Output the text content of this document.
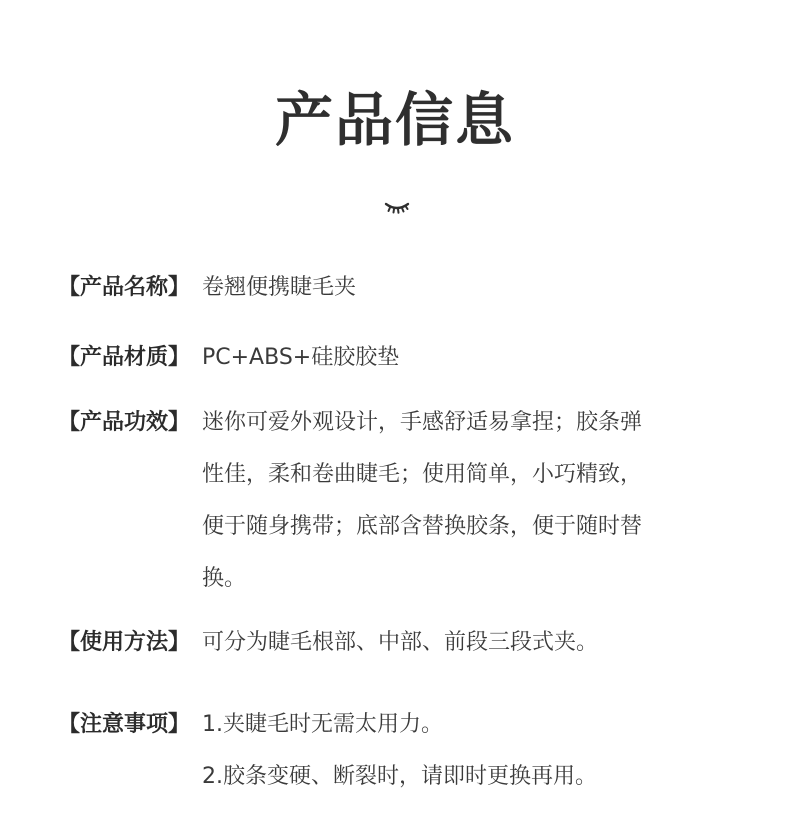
产品信息
【产品名称】 卷翘便携睫毛夹
【产品材质】 PC+ABS+硅胶胶垫
【产品功效】 迷你可爱外观设计，手感舒适易拿捏；胶条弹
性佳，柔和卷曲睫毛；使用简单，小巧精致，
便于随身携带；底部含替换胶条，便于随时替
换。
【使用方法】 可分为睫毛根部、中部、前段三段式夹。
【注意事项】 1.夹睫毛时无需太用力。
2.胶条变硬、断裂时，请即时更换再用。
